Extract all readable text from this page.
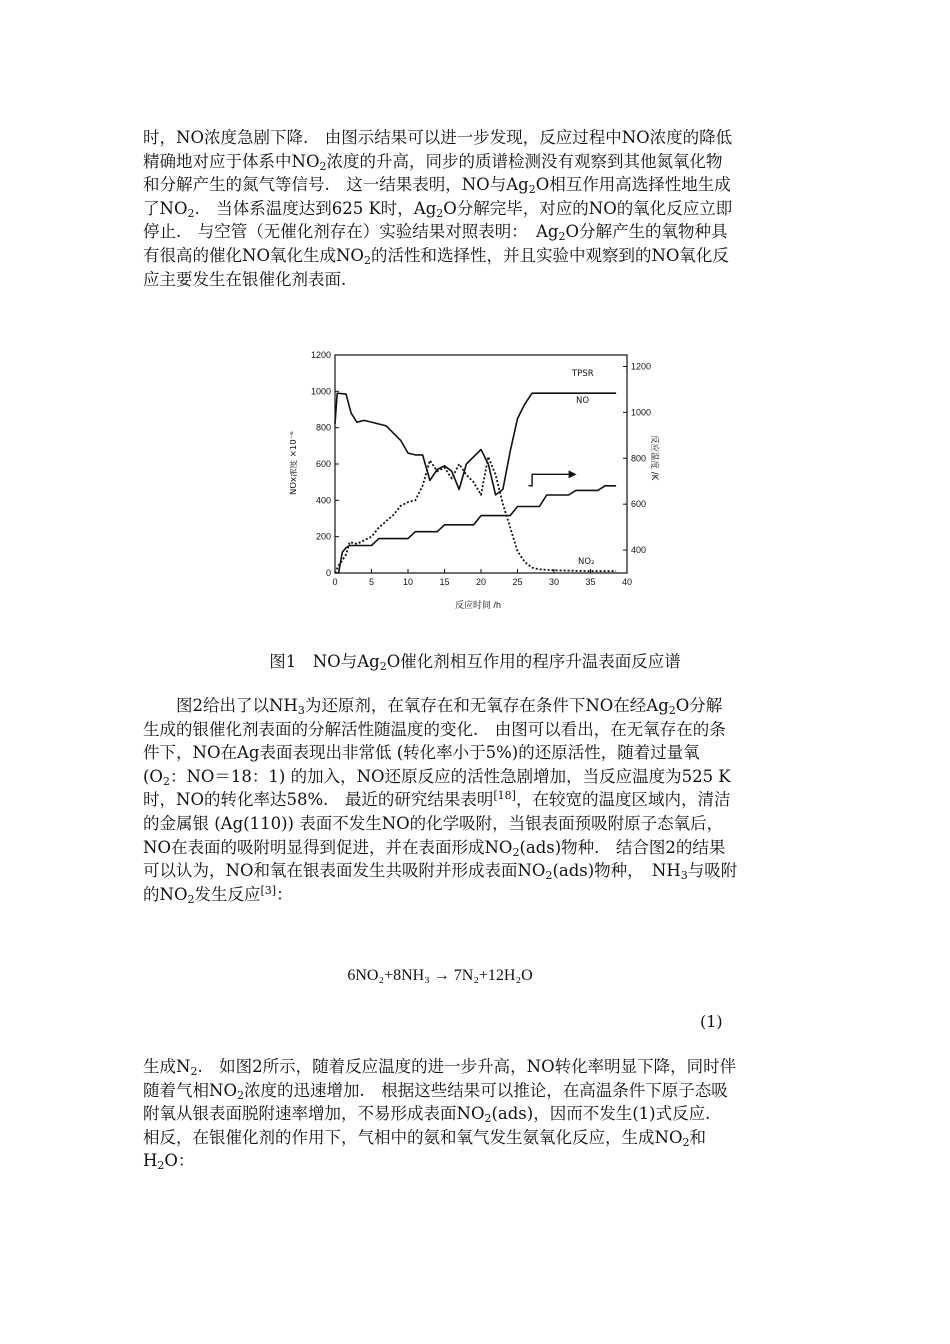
时，NO浓度急剧下降.　由图示结果可以进一步发现，反应过程中NO浓度的降低精确地对应于体系中$NO_2$浓度的升高，同步的质谱检测没有观察到其他氮氧化物和分解产生的氮气等信号.　这一结果表明，NO与$Ag_2O$相互作用高选择性地生成了$NO_2$.　当体系温度达到625 K时，$Ag_2O$分解完毕，对应的NO的氧化反应立即停止.　与空管（无催化剂存在）实验结果对照表明：　$Ag_2O$分解产生的氧物种具有很高的催化NO氧化生成$NO_2$的活性和选择性，并且实验中观察到的NO氧化反应主要发生在银催化剂表面.
0	5	10	15	20	25	30	35	40
0
200
400
600
800
1000
1200
400
600
800
1000
1200
TPSR
NO
NO₂
反应时间 /h
NOx浓度 ×10⁻⁶	反应温度 /K
图1　NO与$Ag_2O$催化剂相互作用的程序升温表面反应谱
图2给出了以$NH_3$为还原剂，在氧存在和无氧存在条件下NO在经$Ag_2O$分解生成的银催化剂表面的分解活性随温度的变化.　由图可以看出，在无氧存在的条件下，NO在Ag表面表现出非常低 (转化率小于5%)的还原活性，随着过量氧 ($O_2$：NO＝18：1) 的加入，NO还原反应的活性急剧增加，当反应温度为525 K时，NO的转化率达58%.　最近的研究结果表明[18]，在较宽的温度区域内，清洁的金属银 (Ag(110)) 表面不发生NO的化学吸附，当银表面预吸附原子态氧后，NO在表面的吸附明显得到促进，并在表面形成$NO_2(ads)$物种.　结合图2的结果可以认为，NO和氧在银表面发生共吸附并形成表面$NO_2(ads)$物种，　$NH_3$与吸附的$NO_2$发生反应[3]：
6NO₂+8NH₃ → 7N₂+12H₂O
(1)
生成$N_2$.　如图2所示，随着反应温度的进一步升高，NO转化率明显下降，同时伴随着气相$NO_2$浓度的迅速增加.　根据这些结果可以推论，在高温条件下原子态吸附氧从银表面脱附速率增加，不易形成表面$NO_2(ads)$，因而不发生(1)式反应.　相反，在银催化剂的作用下，气相中的氨和氧气发生氨氧化反应，生成$NO_2$和$H_2O$：
